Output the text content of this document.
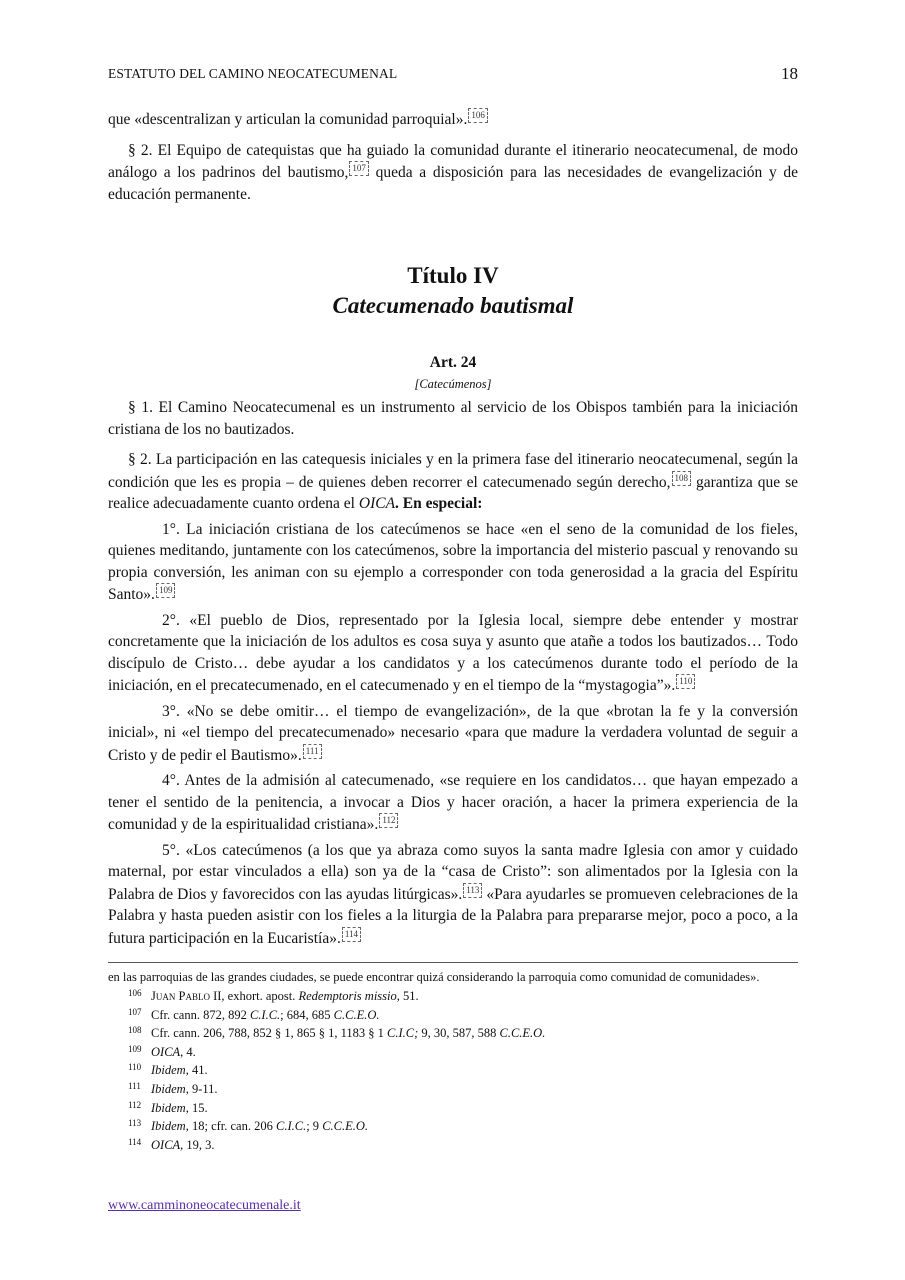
ESTATUTO DEL CAMINO NEOCATECUMENAL	18

que «descentralizan y articulan la comunidad parroquial». 106

§ 2. El Equipo de catequistas que ha guiado la comunidad durante el itinerario neocatecumenal, de modo análogo a los padrinos del bautismo, 107 queda a disposición para las necesidades de evangelización y de educación permanente.

Título IV
Catecumenado bautismal
Art. 24
[Catecúmenos]

§ 1. El Camino Neocatecumenal es un instrumento al servicio de los Obispos también para la iniciación cristiana de los no bautizados.

§ 2. La participación en las catequesis iniciales y en la primera fase del itinerario neocatecumenal, según la condición que les es propia – de quienes deben recorrer el catecumenado según derecho, 108 garantiza que se realice adecuadamente cuanto ordena el OICA. En especial:

1°. La iniciación cristiana de los catecúmenos se hace «en el seno de la comunidad de los fieles, quienes meditando, juntamente con los catecúmenos, sobre la importancia del misterio pascual y renovando su propia conversión, les animan con su ejemplo a corresponder con toda generosidad a la gracia del Espíritu Santo». 109

2°. «El pueblo de Dios, representado por la Iglesia local, siempre debe entender y mostrar concretamente que la iniciación de los adultos es cosa suya y asunto que atañe a todos los bautizados… Todo discípulo de Cristo… debe ayudar a los candidatos y a los catecúmenos durante todo el período de la iniciación, en el precatecumenado, en el catecumenado y en el tiempo de la “mystagogia”». 110

3°. «No se debe omitir… el tiempo de evangelización», de la que «brotan la fe y la conversión inicial», ni «el tiempo del precatecumenado» necesario «para que madure la verdadera voluntad de seguir a Cristo y de pedir el Bautismo». 111

4°. Antes de la admisión al catecumenado, «se requiere en los candidatos… que hayan empezado a tener el sentido de la penitencia, a invocar a Dios y hacer oración, a hacer la primera experiencia de la comunidad y de la espiritualidad cristiana». 112

5°. «Los catecúmenos (a los que ya abraza como suyos la santa madre Iglesia con amor y cuidado maternal, por estar vinculados a ella) son ya de la “casa de Cristo”: son alimentados por la Iglesia con la Palabra de Dios y favorecidos con las ayudas litúrgicas». 113 «Para ayudarles se promueven celebraciones de la Palabra y hasta pueden asistir con los fieles a la liturgia de la Palabra para prepararse mejor, poco a poco, a la futura participación en la Eucaristía». 114

en las parroquias de las grandes ciudades, se puede encontrar quizá considerando la parroquia como comunidad de comunidades».

106 Juan Pablo II, exhort. apost. Redemptoris missio, 51.
107 Cfr. cann. 872, 892 C.I.C.; 684, 685 C.C.E.O.
108 Cfr. cann. 206, 788, 852 § 1, 865 § 1, 1183 § 1 C.I.C; 9, 30, 587, 588 C.C.E.O.
109 OICA, 4.
110 Ibidem, 41.
111 Ibidem, 9-11.
112 Ibidem, 15.
113 Ibidem, 18; cfr. can. 206 C.I.C.; 9 C.C.E.O.
114 OICA, 19, 3.
www.camminoneocatecumenale.it
